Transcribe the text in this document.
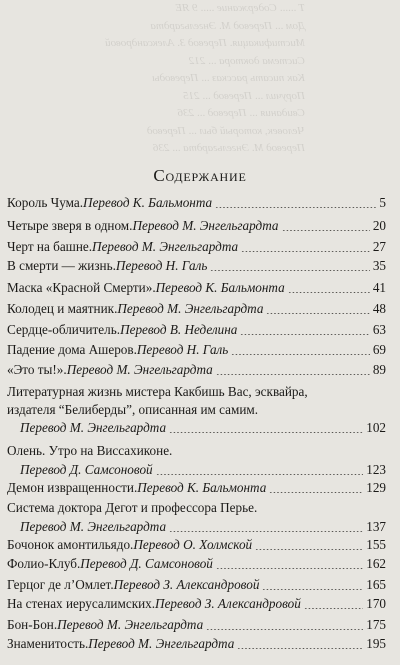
Т ...... Содержание ..... 9 ЯЕ
Дом ... Перевод М. Энгельгардта
Мистификация. Перевод З. Александровой
Система доктора ... 212
Как писать рассказ ... Переводы
Поручил ... Перевод ... 215
Свидания ... Перевод ... 236
Человек, который был ... Перевод
Перевод М. Энгельгардта ... 236
Содержание
Король Чума. Перевод К. Бальмонта	5
Четыре зверя в одном. Перевод М. Энгельгардта	20
Черт на башне. Перевод М. Энгельгардта	27
В смерти — жизнь. Перевод Н. Галь	35
Маска «Красной Смерти». Перевод К. Бальмонта	41
Колодец и маятник. Перевод М. Энгельгардта	48
Сердце-обличитель. Перевод В. Неделина	63
Падение дома Ашеров. Перевод Н. Галь	69
«Это ты!». Перевод М. Энгельгардта	89
Литературная жизнь мистера Какбишь Вас, эсквайра,
издателя “Белиберды”, описанная им самим.
Перевод М. Энгельгардта	102
Олень. Утро на Виссахиконе.
Перевод Д. Самсоновой	123
Демон извращенности. Перевод К. Бальмонта	129
Система доктора Дегот и профессора Перье.
Перевод М. Энгельгардта	137
Бочонок амонтильядо. Перевод О. Холмской	155
Фолио-Клуб. Перевод Д. Самсоновой	162
Герцог де л’Омлет. Перевод З. Александровой	165
На стенах иерусалимских. Перевод З. Александровой	170
Бон-Бон. Перевод М. Энгельгардта	175
Знаменитость. Перевод М. Энгельгардта	195
